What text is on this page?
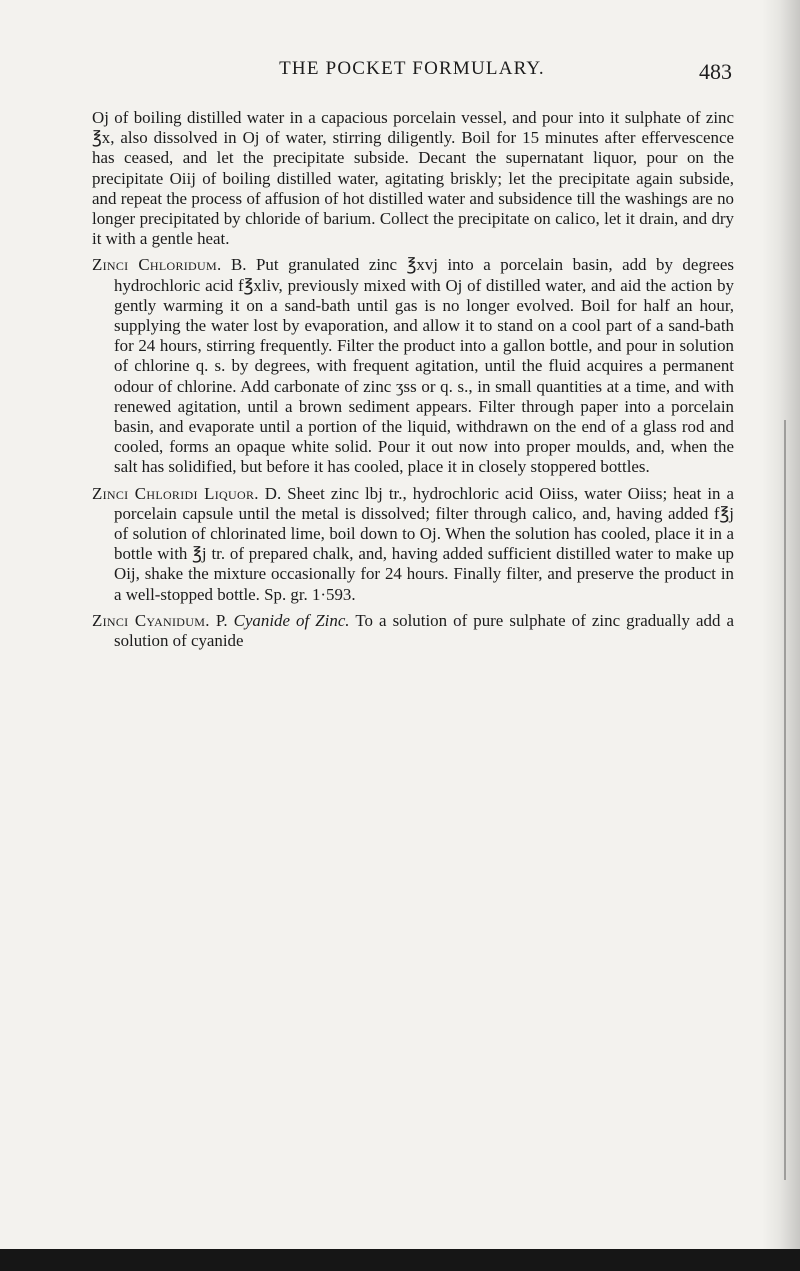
THE POCKET FORMULARY.	483

Oj of boiling distilled water in a capacious porcelain vessel, and pour into it sulphate of zinc ℥x, also dissolved in Oj of water, stirring diligently. Boil for 15 minutes after effervescence has ceased, and let the precipitate subside. Decant the supernatant liquor, pour on the precipitate Oiij of boiling distilled water, agitating briskly; let the precipitate again subside, and repeat the process of affusion of hot distilled water and subsidence till the washings are no longer precipitated by chloride of barium. Collect the precipitate on calico, let it drain, and dry it with a gentle heat.

Zinci Chloridum. B. Put granulated zinc ℥xvj into a porcelain basin, add by degrees hydrochloric acid f℥xliv, previously mixed with Oj of distilled water, and aid the action by gently warming it on a sand-bath until gas is no longer evolved. Boil for half an hour, supplying the water lost by evaporation, and allow it to stand on a cool part of a sand-bath for 24 hours, stirring frequently. Filter the product into a gallon bottle, and pour in solution of chlorine q. s. by degrees, with frequent agitation, until the fluid acquires a permanent odour of chlorine. Add carbonate of zinc ʒss or q. s., in small quantities at a time, and with renewed agitation, until a brown sediment appears. Filter through paper into a porcelain basin, and evaporate until a portion of the liquid, withdrawn on the end of a glass rod and cooled, forms an opaque white solid. Pour it out now into proper moulds, and, when the salt has solidified, but before it has cooled, place it in closely stoppered bottles.

Zinci Chloridi Liquor. D. Sheet zinc lbj tr., hydrochloric acid Oiiss, water Oiiss; heat in a porcelain capsule until the metal is dissolved; filter through calico, and, having added f℥j of solution of chlorinated lime, boil down to Oj. When the solution has cooled, place it in a bottle with ℥j tr. of prepared chalk, and, having added sufficient distilled water to make up Oij, shake the mixture occasionally for 24 hours. Finally filter, and preserve the product in a well-stopped bottle. Sp. gr. 1·593.

Zinci Cyanidum. P. Cyanide of Zinc. To a solution of pure sulphate of zinc gradually add a solution of cyanide
